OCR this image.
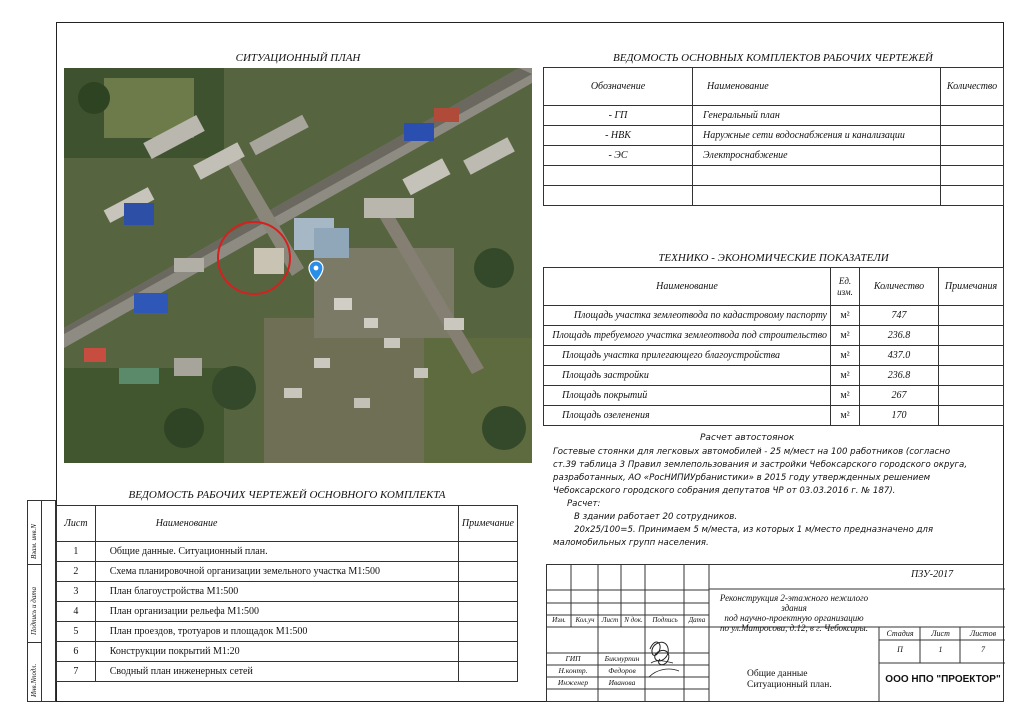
СИТУАЦИОННЫЙ ПЛАН	ВЕДОМОСТЬ ОСНОВНЫХ КОМПЛЕКТОВ РАБОЧИХ ЧЕРТЕЖЕЙ
Обозначение	Наименование	Количество
- ГП	Генеральный план	
- НВК	Наружные сети водоснабжения и канализации	
- ЭС	Электроснабжение	

ТЕХНИКО - ЭКОНОМИЧЕСКИЕ ПОКАЗАТЕЛИ
Наименование	Ед. изм.	Количество	Примечания
Площадь участка землеотвода по кадастровому паспорту	м²	747	
Площадь требуемого участка землеотвода под строительство	м²	236.8	
Площадь участка прилегающего благоустройства	м²	437.0	
Площадь застройки	м²	236.8	
Площадь покрытий	м²	267	
Площадь озеленения	м²	170	
Расчет автостоянок
Гостевые стоянки для легковых автомобилей - 25 м/мест на 100 работников (согласно
ст.39 таблица 3 Правил землепользования и застройки Чебоксарского городского округа,
разработанных, АО «РосНИПИУрбанистики» в 2015 году утвержденных решением
Чебоксарского городского собрания депутатов ЧР от 03.03.2016 г. № 187).
Расчет:
В здании работает 20 сотрудников.
20х25/100=5. Принимаем 5 м/места, из которых 1 м/место предназначено для
маломобильных групп населения.
ВЕДОМОСТЬ РАБОЧИХ ЧЕРТЕЖЕЙ ОСНОВНОГО КОМПЛЕКТА
Лист	Наименование	Примечание
1	Общие данные. Ситуационный план.	
2	Схема планировочной организации земельного участка М1:500	
3	План благоустройства М1:500	
4	План организации рельефа М1:500	
5	План проездов, тротуаров и площадок М1:500	
6	Конструкции покрытий М1:20	
7	Сводный план инженерных сетей	
Взам. инв.N
Подпись и дата
Инв.Nподл.
ПЗУ-2017
Реконструкция 2-этажного нежилого здания
под научно-проектную организацию
по ул.Матросова, д.12, в г. Чебоксары.
Изм.	Кол.уч	Лист N док.	Подпись	Дата
ГИП	Бикмурпин
Н.контр.	Федоров
Инженер	Иванова
Общие данные
Ситуационный план.
Стадия	Лист	Листов
П	1	7
ООО НПО "ПРОЕКТОР"
